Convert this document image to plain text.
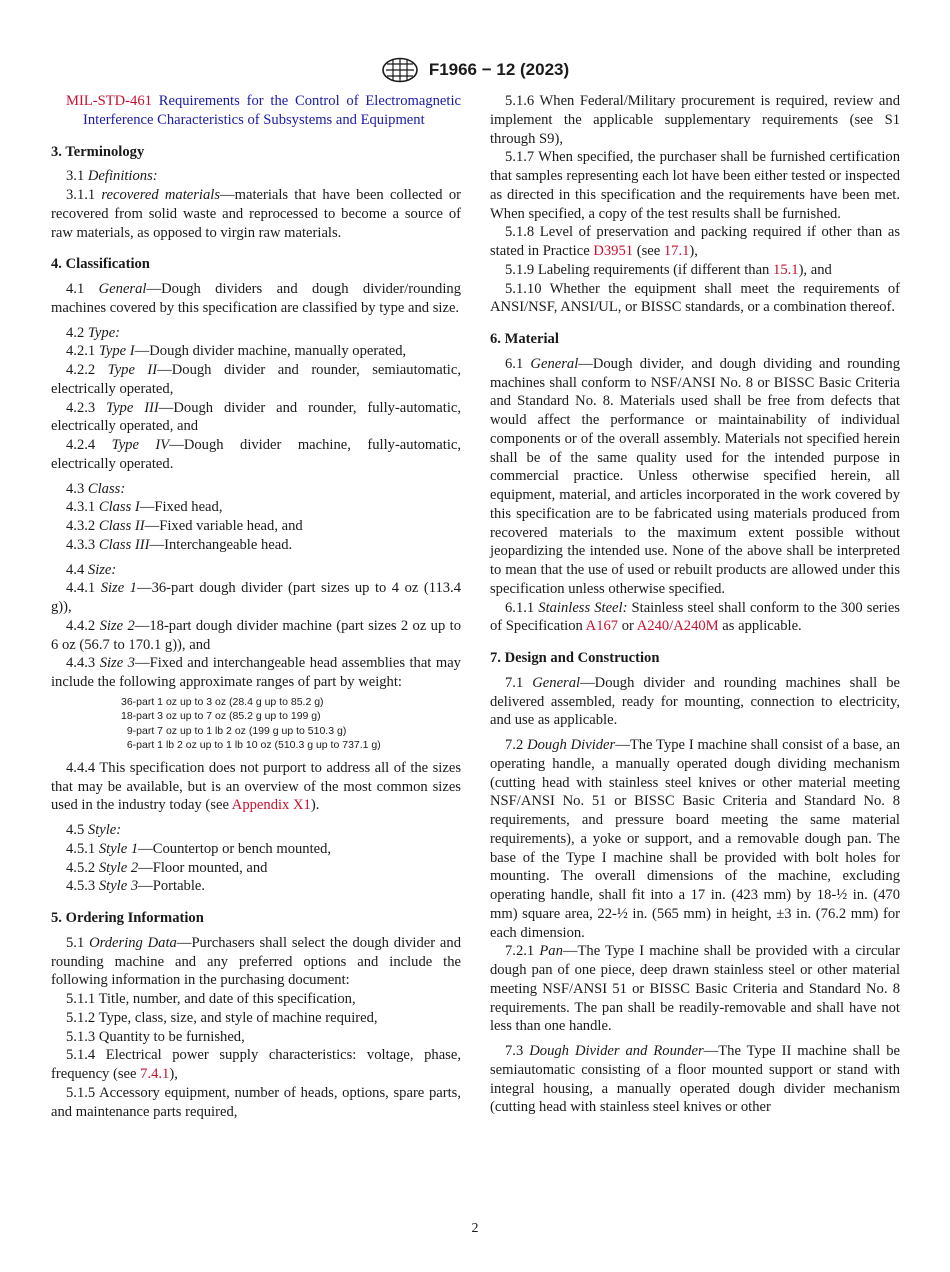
F1966 − 12 (2023)

MIL-STD-461 Requirements for the Control of Electromagnetic Interference Characteristics of Subsystems and Equipment

3. Terminology

3.1 Definitions:

3.1.1 recovered materials—materials that have been collected or recovered from solid waste and reprocessed to become a source of raw materials, as opposed to virgin raw materials.

4. Classification

4.1 General—Dough dividers and dough divider/rounding machines covered by this specification are classified by type and size.

4.2 Type:

4.2.1 Type I—Dough divider machine, manually operated,

4.2.2 Type II—Dough divider and rounder, semiautomatic, electrically operated,

4.2.3 Type III—Dough divider and rounder, fully-automatic, electrically operated, and

4.2.4 Type IV—Dough divider machine, fully-automatic, electrically operated.

4.3 Class:

4.3.1 Class I—Fixed head,

4.3.2 Class II—Fixed variable head, and

4.3.3 Class III—Interchangeable head.

4.4 Size:

4.4.1 Size 1—36-part dough divider (part sizes up to 4 oz (113.4 g)),

4.4.2 Size 2—18-part dough divider machine (part sizes 2 oz up to 6 oz (56.7 to 170.1 g)), and

4.4.3 Size 3—Fixed and interchangeable head assemblies that may include the following approximate ranges of part by weight:

36-part 1 oz up to 3 oz (28.4 g up to 85.2 g)
18-part 3 oz up to 7 oz (85.2 g up to 199 g)
9-part 7 oz up to 1 lb 2 oz (199 g up to 510.3 g)
6-part 1 lb 2 oz up to 1 lb 10 oz (510.3 g up to 737.1 g)

4.4.4 This specification does not purport to address all of the sizes that may be available, but is an overview of the most common sizes used in the industry today (see Appendix X1).

4.5 Style:

4.5.1 Style 1—Countertop or bench mounted,

4.5.2 Style 2—Floor mounted, and

4.5.3 Style 3—Portable.

5. Ordering Information

5.1 Ordering Data—Purchasers shall select the dough divider and rounding machine and any preferred options and include the following information in the purchasing document:

5.1.1 Title, number, and date of this specification,

5.1.2 Type, class, size, and style of machine required,

5.1.3 Quantity to be furnished,

5.1.4 Electrical power supply characteristics: voltage, phase, frequency (see 7.4.1),

5.1.5 Accessory equipment, number of heads, options, spare parts, and maintenance parts required,

5.1.6 When Federal/Military procurement is required, review and implement the applicable supplementary requirements (see S1 through S9),

5.1.7 When specified, the purchaser shall be furnished certification that samples representing each lot have been either tested or inspected as directed in this specification and the requirements have been met. When specified, a copy of the test results shall be furnished.

5.1.8 Level of preservation and packing required if other than as stated in Practice D3951 (see 17.1),

5.1.9 Labeling requirements (if different than 15.1), and

5.1.10 Whether the equipment shall meet the requirements of ANSI/NSF, ANSI/UL, or BISSC standards, or a combination thereof.

6. Material

6.1 General—Dough divider, and dough dividing and rounding machines shall conform to NSF/ANSI No. 8 or BISSC Basic Criteria and Standard No. 8. Materials used shall be free from defects that would affect the performance or maintainability of individual components or of the overall assembly. Materials not specified herein shall be of the same quality used for the intended purpose in commercial practice. Unless otherwise specified herein, all equipment, material, and articles incorporated in the work covered by this specification are to be fabricated using materials produced from recovered materials to the maximum extent possible without jeopardizing the intended use. None of the above shall be interpreted to mean that the use of used or rebuilt products are allowed under this specification unless otherwise specified.

6.1.1 Stainless Steel: Stainless steel shall conform to the 300 series of Specification A167 or A240/A240M as applicable.

7. Design and Construction

7.1 General—Dough divider and rounding machines shall be delivered assembled, ready for mounting, connection to electricity, and use as applicable.

7.2 Dough Divider—The Type I machine shall consist of a base, an operating handle, a manually operated dough dividing mechanism (cutting head with stainless steel knives or other material meeting NSF/ANSI No. 51 or BISSC Basic Criteria and Standard No. 8 requirements, and pressure board meeting the same material requirements), a yoke or support, and a removable dough pan. The base of the Type I machine shall be provided with bolt holes for mounting. The overall dimensions of the machine, excluding operating handle, shall fit into a 17 in. (423 mm) by 18-½ in. (470 mm) square area, 22-½ in. (565 mm) in height, ±3 in. (76.2 mm) for each dimension.

7.2.1 Pan—The Type I machine shall be provided with a circular dough pan of one piece, deep drawn stainless steel or other material meeting NSF/ANSI 51 or BISSC Basic Criteria and Standard No. 8 requirements. The pan shall be readily-removable and shall have not less than one handle.

7.3 Dough Divider and Rounder—The Type II machine shall be semiautomatic consisting of a floor mounted support or stand with integral housing, a manually operated dough divider mechanism (cutting head with stainless steel knives or other

2
